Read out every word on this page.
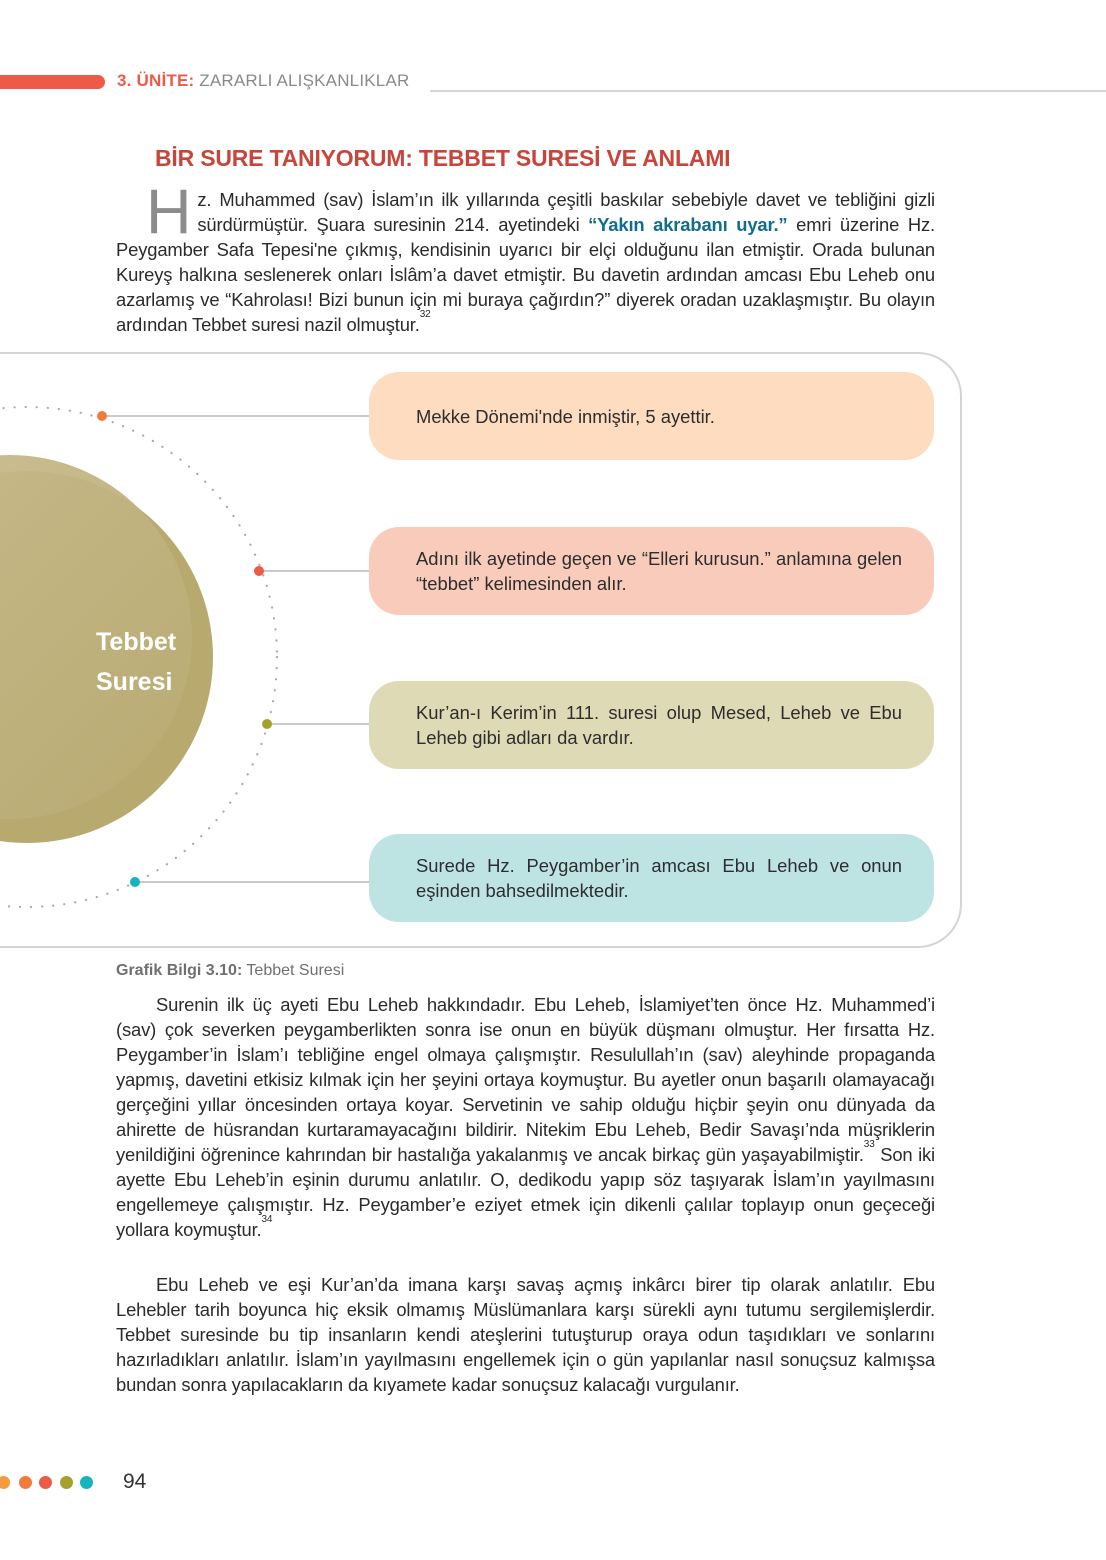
3. ÜNİTE: ZARARLI ALIŞKANLIKLAR
BİR SURE TANIYORUM: TEBBET SURESİ VE ANLAMI
Hz. Muhammed (sav) İslam’ın ilk yıllarında çeşitli baskılar sebebiyle davet ve tebliğini gizli sürdürmüştür. Şuara suresinin 214. ayetindeki “Yakın akrabanı uyar.” emri üzerine Hz. Peygamber Safa Tepesi'ne çıkmış, kendisinin uyarıcı bir elçi olduğunu ilan etmiştir. Orada bulunan Kureyş halkına seslenerek onları İslâm’a davet etmiştir. Bu davetin ardından amcası Ebu Leheb onu azarlamış ve “Kahrolası! Bizi bunun için mi buraya çağırdın?” diyerek oradan uzaklaşmıştır. Bu olayın ardından Tebbet suresi nazil olmuştur.$^{32}$
Tebbet
Suresi
Mekke Dönemi'nde inmiştir, 5 ayettir.
Adını ilk ayetinde geçen ve “Elleri kurusun.” anlamına gelen “tebbet” kelimesinden alır.
Kur’an-ı Kerim’in 111. suresi olup Mesed, Leheb ve Ebu Leheb gibi adları da vardır.
Surede Hz. Peygamber’in amcası Ebu Leheb ve onun eşinden bahsedilmektedir.
Grafik Bilgi 3.10: Tebbet Suresi
Surenin ilk üç ayeti Ebu Leheb hakkındadır. Ebu Leheb, İslamiyet’ten önce Hz. Muhammed’i (sav) çok severken peygamberlikten sonra ise onun en büyük düşmanı olmuştur. Her fırsatta Hz. Peygamber’in İslam’ı tebliğine engel olmaya çalışmıştır. Resulullah’ın (sav) aleyhinde propaganda yapmış, davetini etkisiz kılmak için her şeyini ortaya koymuştur. Bu ayetler onun başarılı olamayacağı gerçeğini yıllar öncesinden ortaya koyar. Servetinin ve sahip olduğu hiçbir şeyin onu dünyada da ahirette de hüsrandan kurtaramayacağını bildirir. Nitekim Ebu Leheb, Bedir Savaşı’nda müşriklerin yenildiğini öğrenince kahrından bir hastalığa yakalanmış ve ancak birkaç gün yaşayabilmiştir.$^{33}$ Son iki ayette Ebu Leheb’in eşinin durumu anlatılır. O, dedikodu yapıp söz taşıyarak İslam’ın yayılmasını engellemeye çalışmıştır. Hz. Peygamber’e eziyet etmek için dikenli çalılar toplayıp onun geçeceği yollara koymuştur.$^{34}$
Ebu Leheb ve eşi Kur’an’da imana karşı savaş açmış inkârcı birer tip olarak anlatılır. Ebu Lehebler tarih boyunca hiç eksik olmamış Müslümanlara karşı sürekli aynı tutumu sergilemişlerdir. Tebbet suresinde bu tip insanların kendi ateşlerini tutuşturup oraya odun taşıdıkları ve sonlarını hazırladıkları anlatılır. İslam’ın yayılmasını engellemek için o gün yapılanlar nasıl sonuçsuz kalmışsa bundan sonra yapılacakların da kıyamete kadar sonuçsuz kalacağı vurgulanır.
94
